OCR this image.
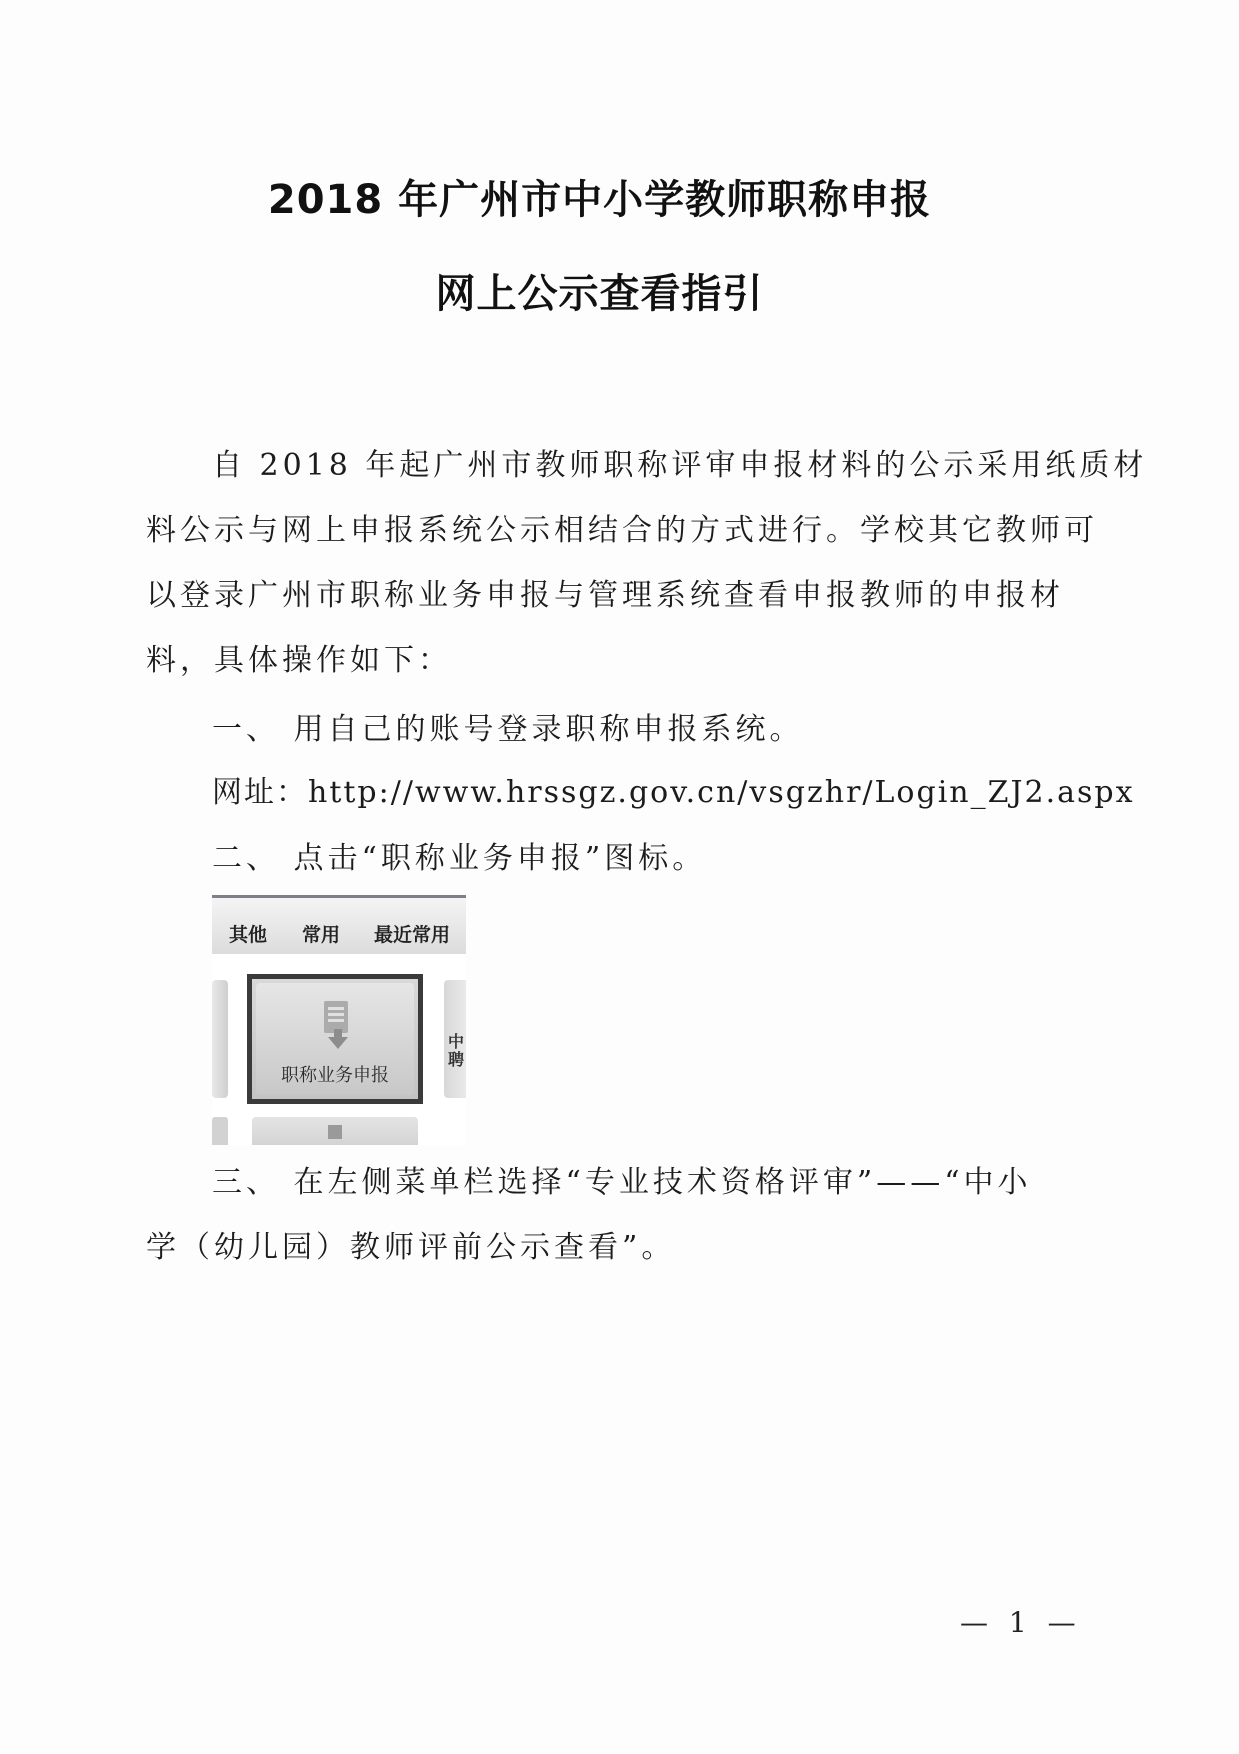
2018 年广州市中小学教师职称申报
网上公示查看指引
自 2018 年起广州市教师职称评审申报材料的公示采用纸质材
料公示与网上申报系统公示相结合的方式进行。学校其它教师可
以登录广州市职称业务申报与管理系统查看申报教师的申报材
料，具体操作如下：
一、 用自己的账号登录职称申报系统。
网址：http://www.hrssgz.gov.cn/vsgzhr/Login_ZJ2.aspx
二、 点击“职称业务申报”图标。
其他 常用 最近常用
职称业务申报
中聘
三、 在左侧菜单栏选择“专业技术资格评审”——“中小
学（幼儿园）教师评前公示查看”。
— 1 —
